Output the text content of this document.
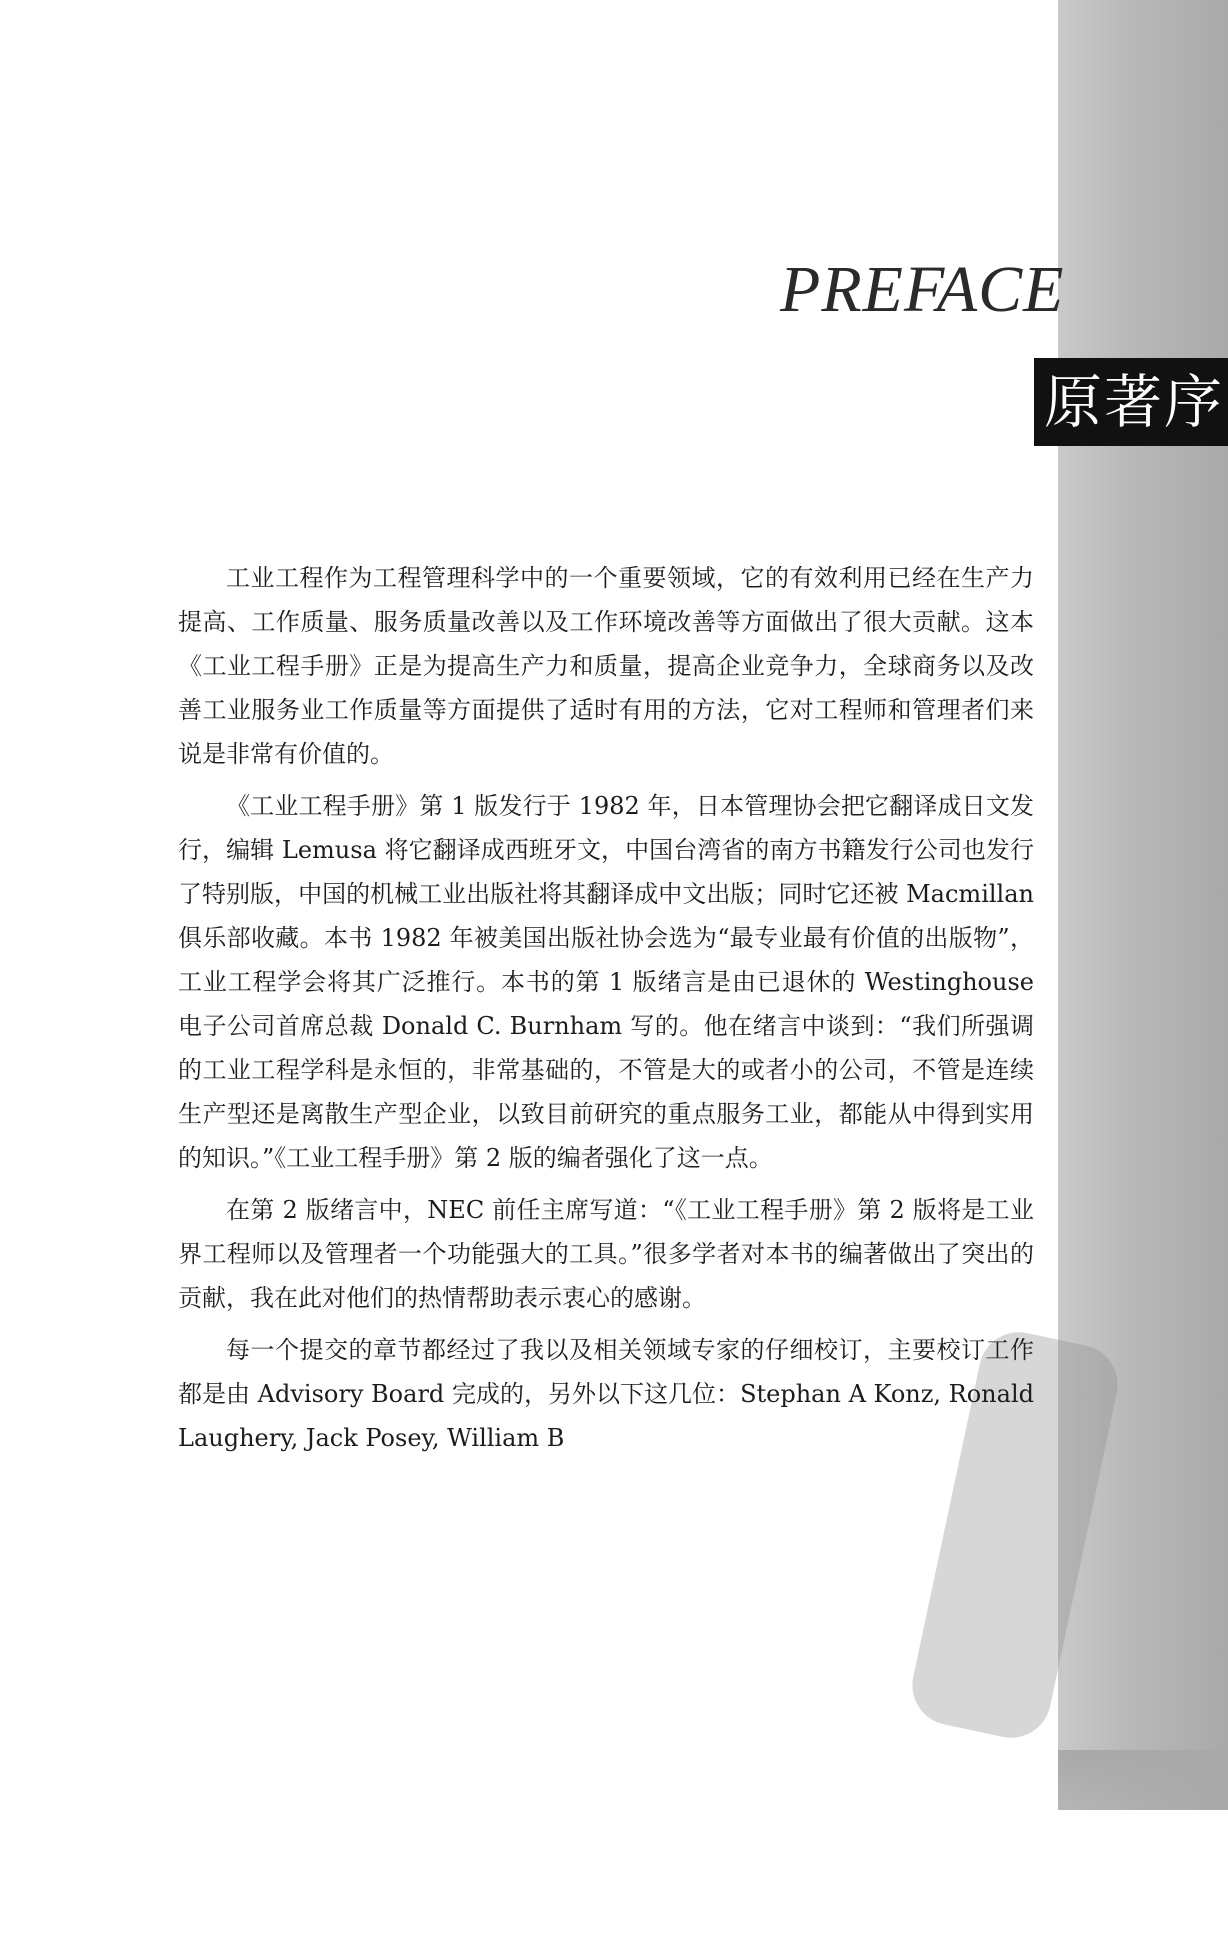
PREFACE
原著序

工业工程作为工程管理科学中的一个重要领域，它的有效利用已经在生产力提高、工作质量、服务质量改善以及工作环境改善等方面做出了很大贡献。这本《工业工程手册》正是为提高生产力和质量，提高企业竞争力，全球商务以及改善工业服务业工作质量等方面提供了适时有用的方法，它对工程师和管理者们来说是非常有价值的。

《工业工程手册》第 1 版发行于 1982 年，日本管理协会把它翻译成日文发行，编辑 Lemusa 将它翻译成西班牙文，中国台湾省的南方书籍发行公司也发行了特别版，中国的机械工业出版社将其翻译成中文出版；同时它还被 Macmillan 俱乐部收藏。本书 1982 年被美国出版社协会选为“最专业最有价值的出版物”，工业工程学会将其广泛推行。本书的第 1 版绪言是由已退休的 Westinghouse 电子公司首席总裁 Donald C. Burnham 写的。他在绪言中谈到：“我们所强调的工业工程学科是永恒的，非常基础的，不管是大的或者小的公司，不管是连续生产型还是离散生产型企业，以致目前研究的重点服务工业，都能从中得到实用的知识。”《工业工程手册》第 2 版的编者强化了这一点。

在第 2 版绪言中，NEC 前任主席写道：“《工业工程手册》第 2 版将是工业界工程师以及管理者一个功能强大的工具。”很多学者对本书的编著做出了突出的贡献，我在此对他们的热情帮助表示衷心的感谢。

每一个提交的章节都经过了我以及相关领域专家的仔细校订，主要校订工作都是由 Advisory Board 完成的，另外以下这几位：Stephan A Konz, Ronald Laughery, Jack Posey, William B
